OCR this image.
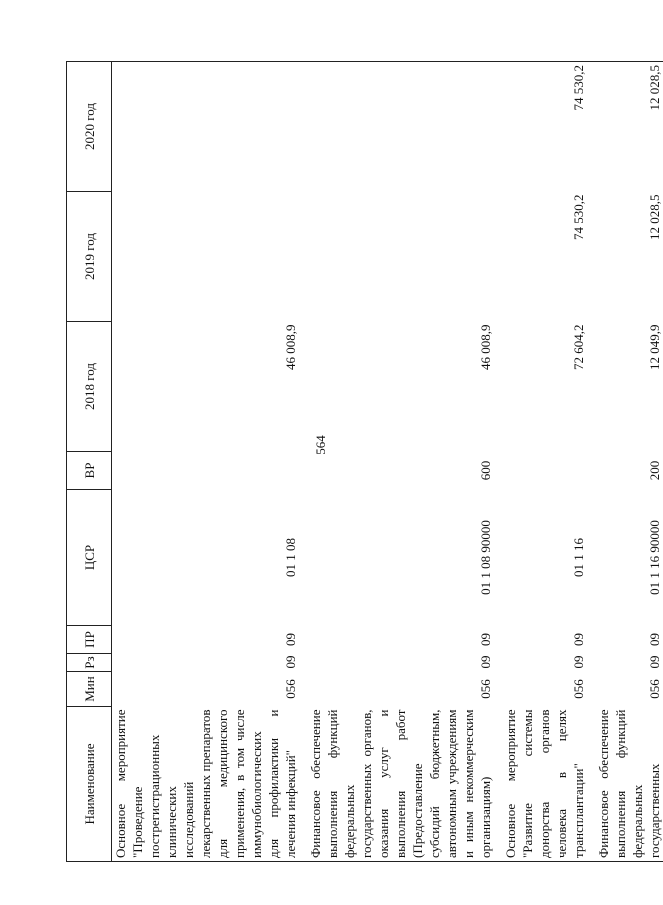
564
Наименование	Мин	Рз	ПР	ЦСР	ВР	2018 год	2019 год	2020 год
Основное мероприятие "Проведение пострегистрационных клинических исследований лекарственных препаратов для медицинского применения, в том числе иммунобиологических для профилактики и лечения инфекций"	056	09	09	01 1 08		46 008,9		
Финансовое обеспечение выполнения функций федеральных государственных органов, оказания услуг и выполнения работ (Предоставление субсидий бюджетным, автономным учреждениям и иным некоммерческим организациям)	056	09	09	01 1 08 90000	600	46 008,9		
Основное мероприятие "Развитие системы донорства органов человека в целях трансплантации"	056	09	09	01 1 16		72 604,2	74 530,2	74 530,2
Финансовое обеспечение выполнения функций федеральных государственных	056	09	09	01 1 16 90000	200	12 049,9	12 028,5	12 028,5
